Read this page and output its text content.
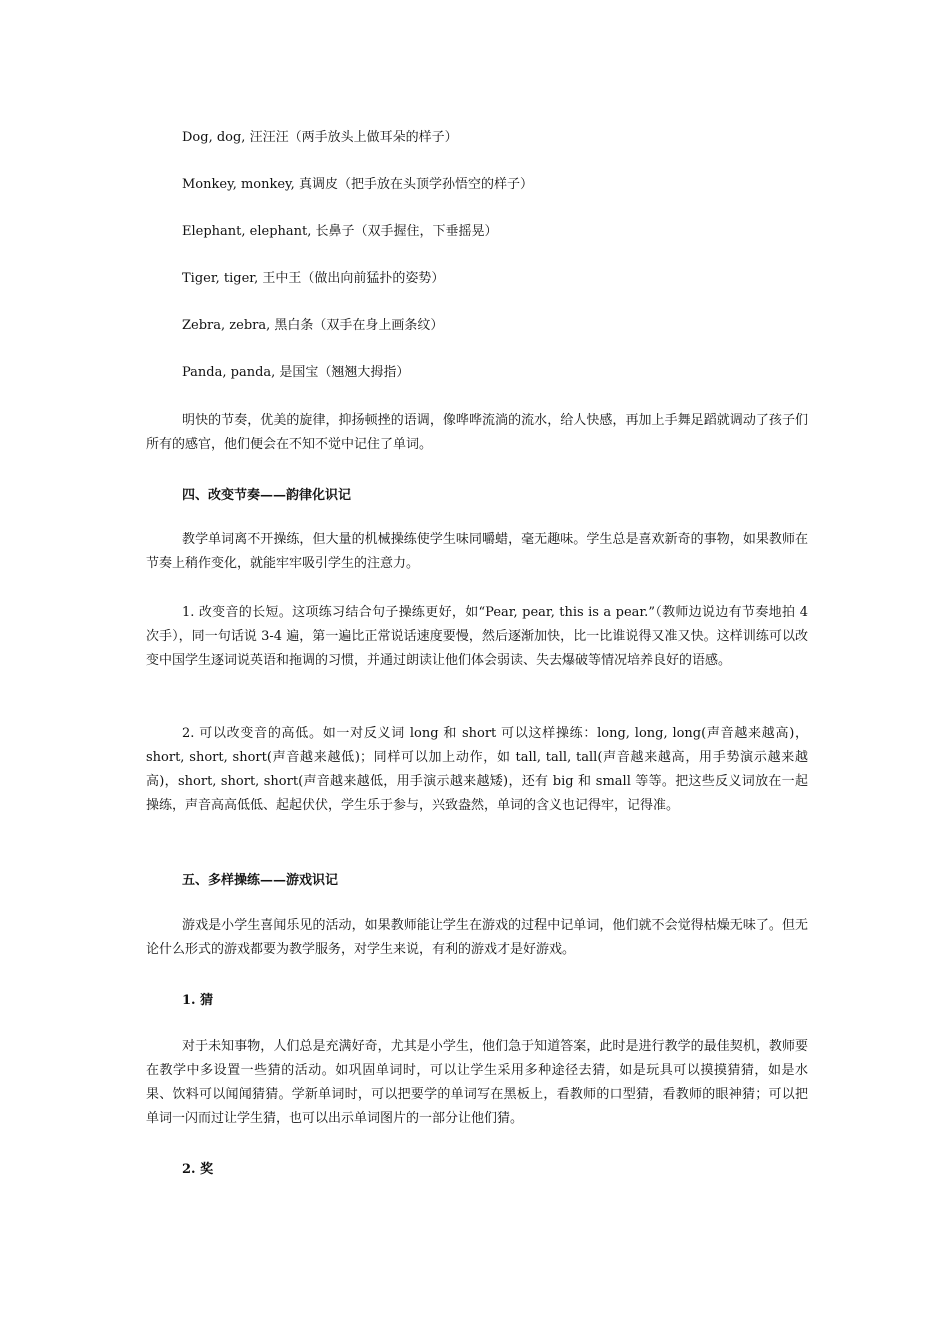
Dog, dog, 汪汪汪（两手放头上做耳朵的样子）

Monkey, monkey, 真调皮（把手放在头顶学孙悟空的样子）

Elephant, elephant, 长鼻子（双手握住，下垂摇晃）

Tiger, tiger, 王中王（做出向前猛扑的姿势）

Zebra, zebra, 黑白条（双手在身上画条纹）

Panda, panda, 是国宝（翘翘大拇指）

明快的节奏，优美的旋律，抑扬顿挫的语调，像哗哗流淌的流水，给人快感，再加上手舞足蹈就调动了孩子们所有的感官，他们便会在不知不觉中记住了单词。

四、改变节奏——韵律化识记

教学单词离不开操练，但大量的机械操练使学生味同嚼蜡，毫无趣味。学生总是喜欢新奇的事物，如果教师在节奏上稍作变化，就能牢牢吸引学生的注意力。

1. 改变音的长短。这项练习结合句子操练更好，如“Pear, pear, this is a pear.”（教师边说边有节奏地拍 4 次手），同一句话说 3-4 遍，第一遍比正常说话速度要慢，然后逐渐加快，比一比谁说得又准又快。这样训练可以改变中国学生逐词说英语和拖调的习惯，并通过朗读让他们体会弱读、失去爆破等情况培养良好的语感。

2. 可以改变音的高低。如一对反义词 long 和 short 可以这样操练：long, long, long(声音越来越高)，short, short, short(声音越来越低)；同样可以加上动作，如 tall, tall, tall(声音越来越高，用手势演示越来越高)，short, short, short(声音越来越低，用手演示越来越矮)，还有 big 和 small 等等。把这些反义词放在一起操练，声音高高低低、起起伏伏，学生乐于参与，兴致盎然，单词的含义也记得牢，记得准。

五、多样操练——游戏识记

游戏是小学生喜闻乐见的活动，如果教师能让学生在游戏的过程中记单词，他们就不会觉得枯燥无味了。但无论什么形式的游戏都要为教学服务，对学生来说，有利的游戏才是好游戏。

1. 猜

对于未知事物，人们总是充满好奇，尤其是小学生，他们急于知道答案，此时是进行教学的最佳契机，教师要在教学中多设置一些猜的活动。如巩固单词时，可以让学生采用多种途径去猜，如是玩具可以摸摸猜猜，如是水果、饮料可以闻闻猜猜。学新单词时，可以把要学的单词写在黑板上，看教师的口型猜，看教师的眼神猜；可以把单词一闪而过让学生猜，也可以出示单词图片的一部分让他们猜。

2. 奖
